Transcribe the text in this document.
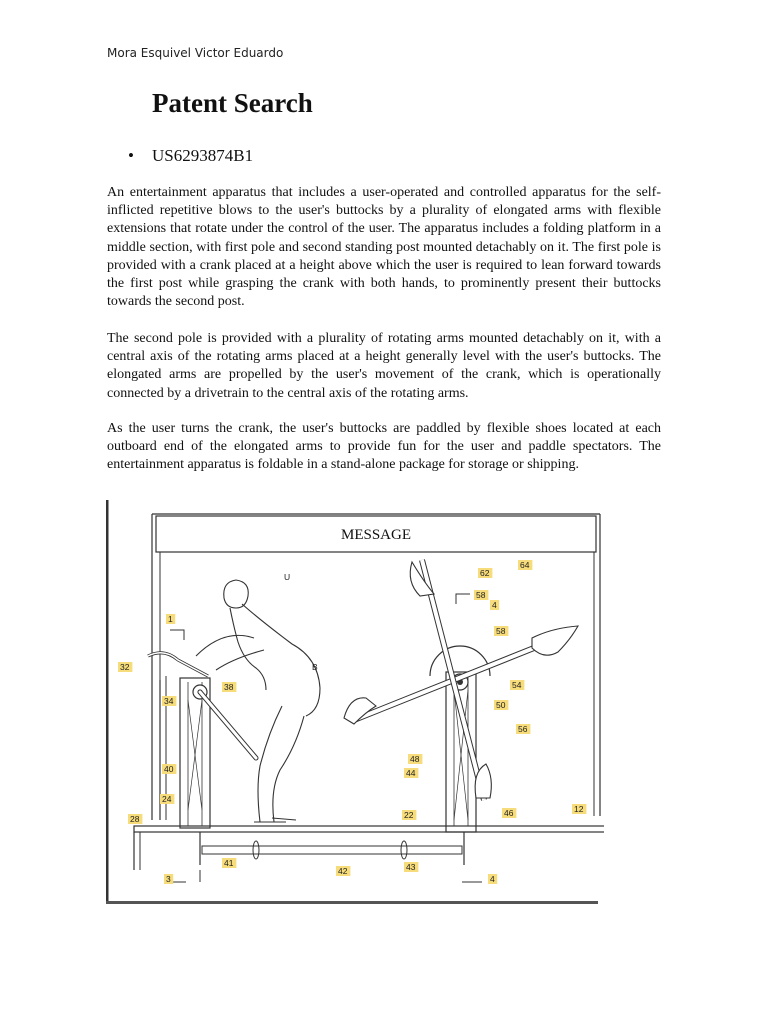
Mora Esquivel Victor Eduardo
Patent Search
• US6293874B1

An entertainment apparatus that includes a user-operated and controlled apparatus for the self-inflicted repetitive blows to the user's buttocks by a plurality of elongated arms with flexible extensions that rotate under the control of the user. The apparatus includes a folding platform in a middle section, with first pole and second standing post mounted detachably on it. The first pole is provided with a crank placed at a height above which the user is required to lean forward towards the first post while grasping the crank with both hands, to prominently present their buttocks towards the second post.

The second pole is provided with a plurality of rotating arms mounted detachably on it, with a central axis of the rotating arms placed at a height generally level with the user's buttocks. The elongated arms are propelled by the user's movement of the crank, which is operationally connected by a drivetrain to the central axis of the rotating arms.

As the user turns the crank, the user's buttocks are paddled by flexible shoes located at each outboard end of the elongated arms to provide fun for the user and paddle spectators. The entertainment apparatus is foldable in a stand-alone package for storage or shipping.

MESSAGE
U
B
1
3	4
4
12
22
24
28
32
34
38
40
41
42	43
44
46
48
50
54
56
58
58
62
64
